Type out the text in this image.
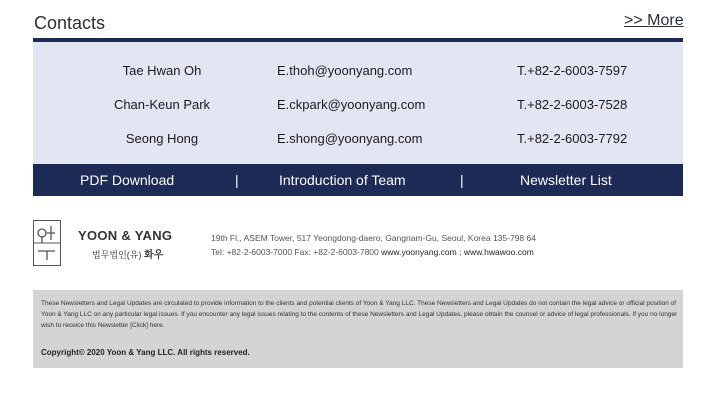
Contacts	>> More
Tae Hwan Oh	E.thoh@yoonyang.com	T.+82-2-6003-7597
Chan-Keun Park	E.ckpark@yoonyang.com	T.+82-2-6003-7528
Seong Hong	E.shong@yoonyang.com	T.+82-2-6003-7792
PDF Download	|	Introduction of Team	|	Newsletter List
YOON & YANG
법무법인(유) 화우
19th Fl., ASEM Tower, 517 Yeongdong-daero, Gangnam-Gu, Seoul, Korea 135-798 64
Tel: +82-2-6003-7000 Fax: +82-2-6003-7800 www.yoonyang.com ; www.hwawoo.com
These Newsletters and Legal Updates are circulated to provide information to the clients and potential clients of Yoon & Yang LLC. These Newsletters and Legal Updates do not contain the legal advice or official position of Yoon & Yang LLC on any particular legal issues. If you encounter any legal issues relating to the contents of these Newsletters and Legal Updates, please obtain the counsel or advice of legal professionals. If you no longer wish to receice this Newsletter [Click] here.
Copyright© 2020 Yoon & Yang LLC. All rights reserved.
